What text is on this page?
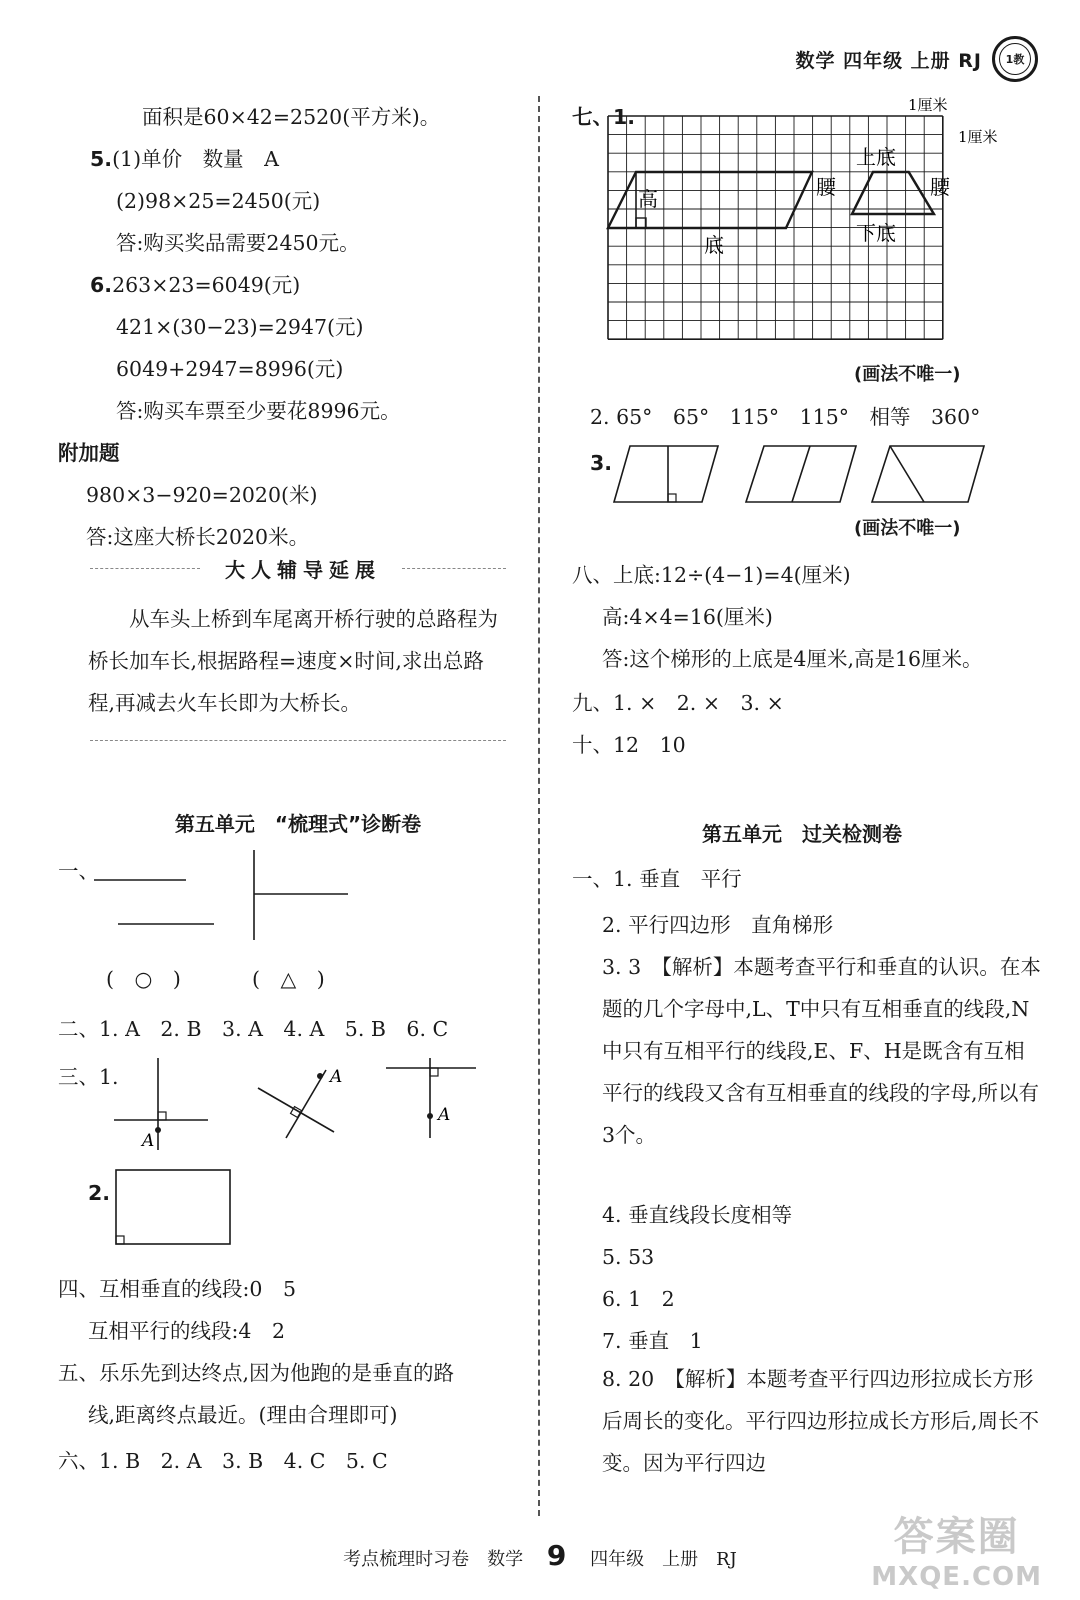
数学 四年级 上册 RJ 1教
面积是60×42=2520(平方米)。
5.(1)单价　数量　A
(2)98×25=2450(元)
答:购买奖品需要2450元。
6.263×23=6049(元)
421×(30−23)=2947(元)
6049+2947=8996(元)
答:购买车票至少要花8996元。
附加题
980×3−920=2020(米)
答:这座大桥长2020米。
大人辅导延展
从车头上桥到车尾离开桥行驶的总路程为桥长加车长,根据路程=速度×时间,求出总路程,再减去火车长即为大桥长。
第五单元　“梳理式”诊断卷
一、
(　○　)	(　△　)
二、1. A　2. B　3. A　4. A　5. B　6. C
三、1.
A
A
A
2.
四、互相垂直的线段:0　5
互相平行的线段:4　2
五、乐乐先到达终点,因为他跑的是垂直的路
线,距离终点最近。(理由合理即可)
六、1. B　2. A　3. B　4. C　5. C
七、1.	1厘米
1厘米
高
底
腰
上底
下底
腰
(画法不唯一)
2. 65°　65°　115°　115°　相等　360°
3.
(画法不唯一)
八、上底:12÷(4−1)=4(厘米)
高:4×4=16(厘米)
答:这个梯形的上底是4厘米,高是16厘米。
九、1. ×　2. ×　3. ×
十、12　10
第五单元　过关检测卷
一、1. 垂直　平行
2. 平行四边形　直角梯形
3. 3　【解析】本题考查平行和垂直的认识。在本题的几个字母中,L、T中只有互相垂直的线段,N中只有互相平行的线段,E、F、H是既含有互相平行的线段又含有互相垂直的线段的字母,所以有3个。
4. 垂直线段长度相等
5. 53
6. 1　2
7. 垂直　1
8. 20　【解析】本题考查平行四边形拉成长方形后周长的变化。平行四边形拉成长方形后,周长不变。因为平行四边
考点梳理时习卷　数学 9 四年级　上册　RJ	答案圈
MXQE.COM
